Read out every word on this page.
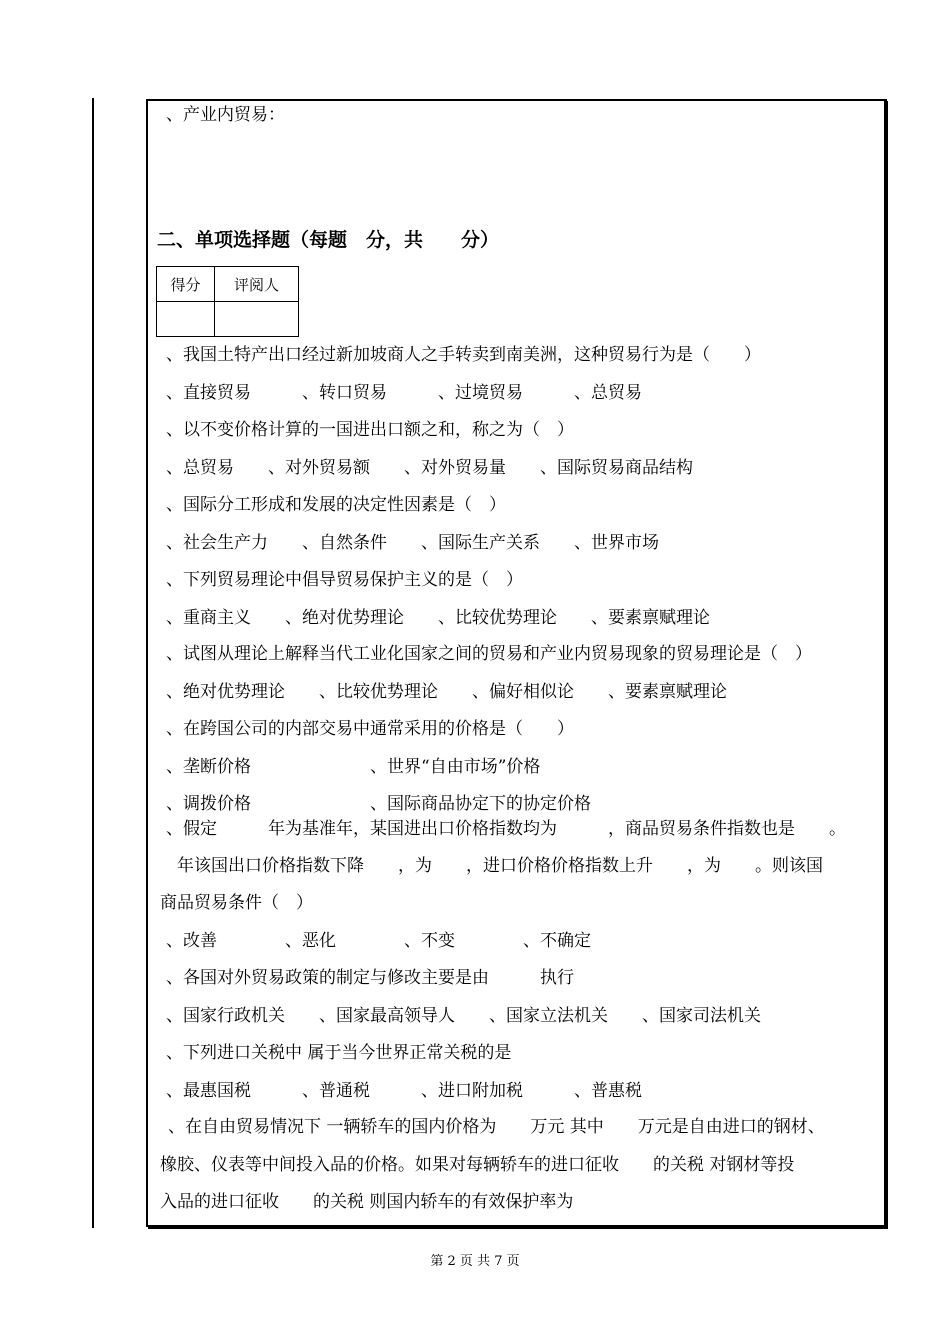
、产业内贸易：
二、单项选择题（每题　分，共　　分）
得分	评阅人

、我国土特产出口经过新加坡商人之手转卖到南美洲，这种贸易行为是（　　）
、直接贸易　　　、转口贸易　　　、过境贸易　　　、总贸易
、以不变价格计算的一国进出口额之和，称之为（　）
、总贸易　　、对外贸易额　　、对外贸易量　　、国际贸易商品结构
、国际分工形成和发展的决定性因素是（　）
、社会生产力　　、自然条件　　、国际生产关系　　、世界市场
、下列贸易理论中倡导贸易保护主义的是（　）
、重商主义　　、绝对优势理论　　、比较优势理论　　、要素禀赋理论
、试图从理论上解释当代工业化国家之间的贸易和产业内贸易现象的贸易理论是（　）
、绝对优势理论　　、比较优势理论　　、偏好相似论　　、要素禀赋理论
、在跨国公司的内部交易中通常采用的价格是（　　）
、垄断价格　　　　　　　、世界“自由市场”价格
、调拨价格　　　　　　　、国际商品协定下的协定价格
、假定　　　年为基准年，某国进出口价格指数均为　　　，商品贸易条件指数也是　　。
　年该国出口价格指数下降　　，为　　，进口价格价格指数上升　　，为　　。则该国
商品贸易条件（　）
、改善　　　　、恶化　　　　、不变　　　　、不确定
、各国对外贸易政策的制定与修改主要是由　　　执行
、国家行政机关　　、国家最高领导人　　、国家立法机关　　、国家司法机关
、下列进口关税中 属于当今世界正常关税的是
、最惠国税　　　、普通税　　　、进口附加税　　　、普惠税
、在自由贸易情况下 一辆轿车的国内价格为　　万元 其中　　万元是自由进口的钢材、
橡胶、仪表等中间投入品的价格。如果对每辆轿车的进口征收　　的关税 对钢材等投
入品的进口征收　　的关税 则国内轿车的有效保护率为
第 2 页 共 7 页
